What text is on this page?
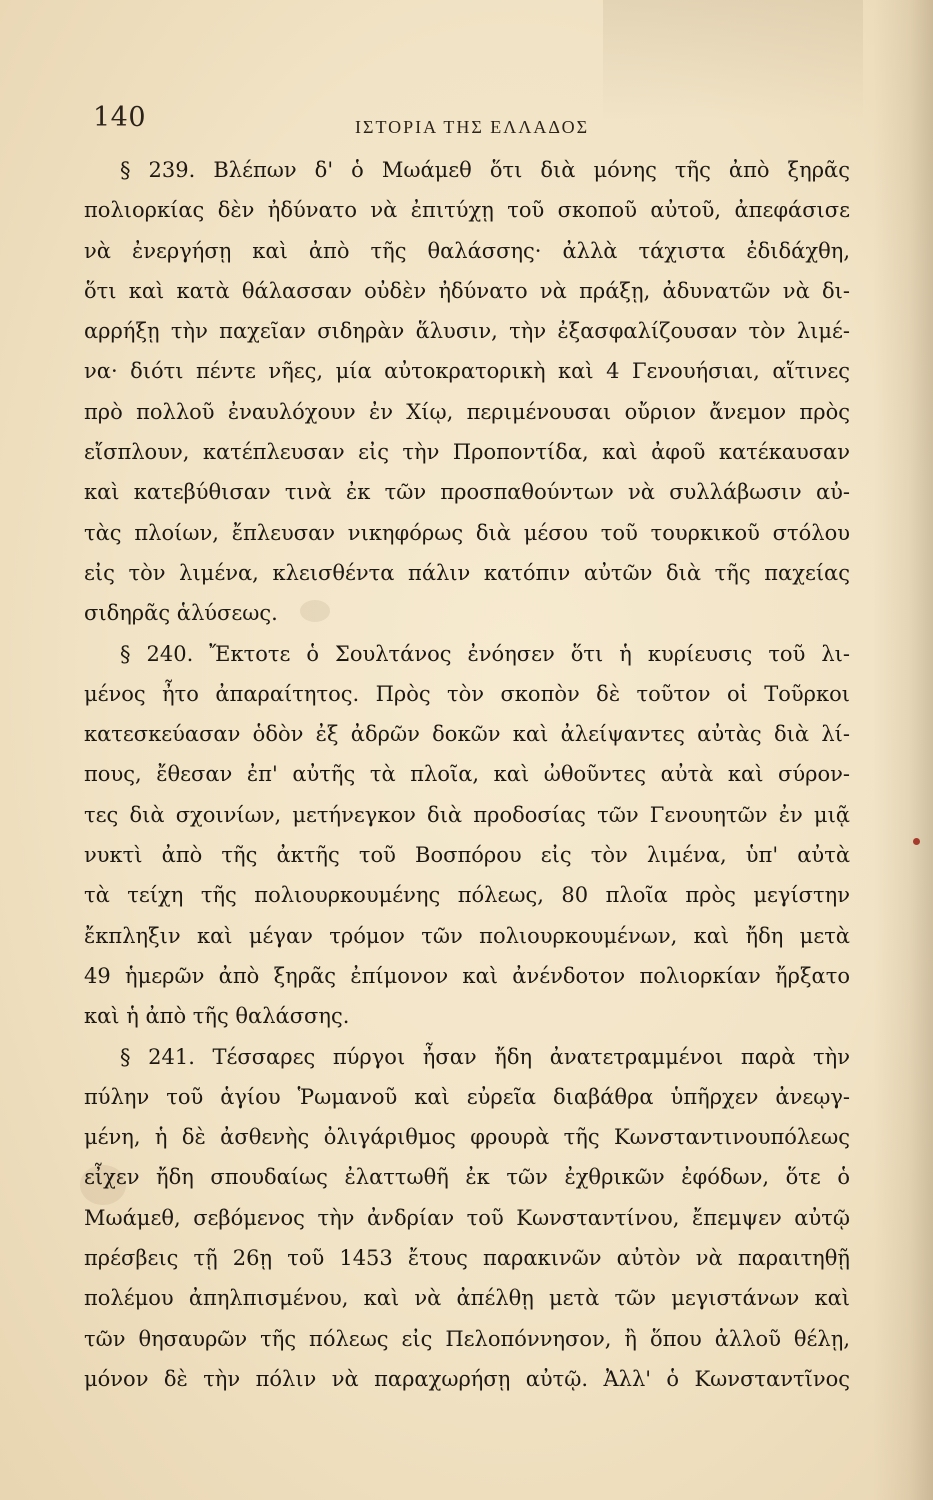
140	ΙΣΤΟΡΙΑ ΤΗΣ ΕΛΛΑΔΟΣ
§ 239. Βλέπων δ' ὁ Μωάμεθ ὅτι διὰ μόνης τῆς ἀπὸ ξηρᾶς
πολιορκίας δὲν ἠδύνατο νὰ ἐπιτύχῃ τοῦ σκοποῦ αὐτοῦ, ἀπεφάσισε
νὰ ἐνεργήσῃ καὶ ἀπὸ τῆς θαλάσσης· ἀλλὰ τάχιστα ἐδιδάχθη,
ὅτι καὶ κατὰ θάλασσαν οὐδὲν ἠδύνατο νὰ πράξῃ, ἀδυνατῶν νὰ δι-
αρρήξῃ τὴν παχεῖαν σιδηρὰν ἅλυσιν, τὴν ἐξασφαλίζουσαν τὸν λιμέ-
να· διότι πέντε νῆες, μία αὐτοκρατορικὴ καὶ 4 Γενουήσιαι, αἵτινες
πρὸ πολλοῦ ἐναυλόχουν ἐν Χίῳ, περιμένουσαι οὔριον ἄνεμον πρὸς
εἴσπλουν, κατέπλευσαν εἰς τὴν Προποντίδα, καὶ ἀφοῦ κατέκαυσαν
καὶ κατεβύθισαν τινὰ ἐκ τῶν προσπαθούντων νὰ συλλάβωσιν αὐ-
τὰς πλοίων, ἔπλευσαν νικηφόρως διὰ μέσου τοῦ τουρκικοῦ στόλου
εἰς τὸν λιμένα, κλεισθέντα πάλιν κατόπιν αὐτῶν διὰ τῆς παχείας
σιδηρᾶς ἁλύσεως.
§ 240. Ἔκτοτε ὁ Σουλτάνος ἐνόησεν ὅτι ἡ κυρίευσις τοῦ λι-
μένος ἦτο ἀπαραίτητος. Πρὸς τὸν σκοπὸν δὲ τοῦτον οἱ Τοῦρκοι
κατεσκεύασαν ὁδὸν ἐξ ἀδρῶν δοκῶν καὶ ἀλείψαντες αὐτὰς διὰ λί-
πους, ἔθεσαν ἐπ' αὐτῆς τὰ πλοῖα, καὶ ὠθοῦντες αὐτὰ καὶ σύρον-
τες διὰ σχοινίων, μετήνεγκον διὰ προδοσίας τῶν Γενουητῶν ἐν μιᾷ
νυκτὶ ἀπὸ τῆς ἀκτῆς τοῦ Βοσπόρου εἰς τὸν λιμένα, ὑπ' αὐτὰ
τὰ τείχη τῆς πολιουρκουμένης πόλεως, 80 πλοῖα πρὸς μεγίστην
ἔκπληξιν καὶ μέγαν τρόμον τῶν πολιουρκουμένων, καὶ ἤδη μετὰ
49 ἡμερῶν ἀπὸ ξηρᾶς ἐπίμονον καὶ ἀνένδοτον πολιορκίαν ἤρξατο
καὶ ἡ ἀπὸ τῆς θαλάσσης.
§ 241. Τέσσαρες πύργοι ἦσαν ἤδη ἀνατετραμμένοι παρὰ τὴν
πύλην τοῦ ἁγίου Ῥωμανοῦ καὶ εὐρεῖα διαβάθρα ὑπῆρχεν ἀνεῳγ-
μένη, ἡ δὲ ἀσθενὴς ὀλιγάριθμος φρουρὰ τῆς Κωνσταντινουπόλεως
εἶχεν ἤδη σπουδαίως ἐλαττωθῆ ἐκ τῶν ἐχθρικῶν ἐφόδων, ὅτε ὁ
Μωάμεθ, σεβόμενος τὴν ἀνδρίαν τοῦ Κωνσταντίνου, ἔπεμψεν αὐτῷ
πρέσβεις τῇ 26ῃ τοῦ 1453 ἔτους παρακινῶν αὐτὸν νὰ παραιτηθῇ
πολέμου ἀπηλπισμένου, καὶ νὰ ἀπέλθῃ μετὰ τῶν μεγιστάνων καὶ
τῶν θησαυρῶν τῆς πόλεως εἰς Πελοπόννησον, ἢ ὅπου ἀλλοῦ θέλῃ,
μόνον δὲ τὴν πόλιν νὰ παραχωρήσῃ αὐτῷ. Ἀλλ' ὁ Κωνσταντῖνος
